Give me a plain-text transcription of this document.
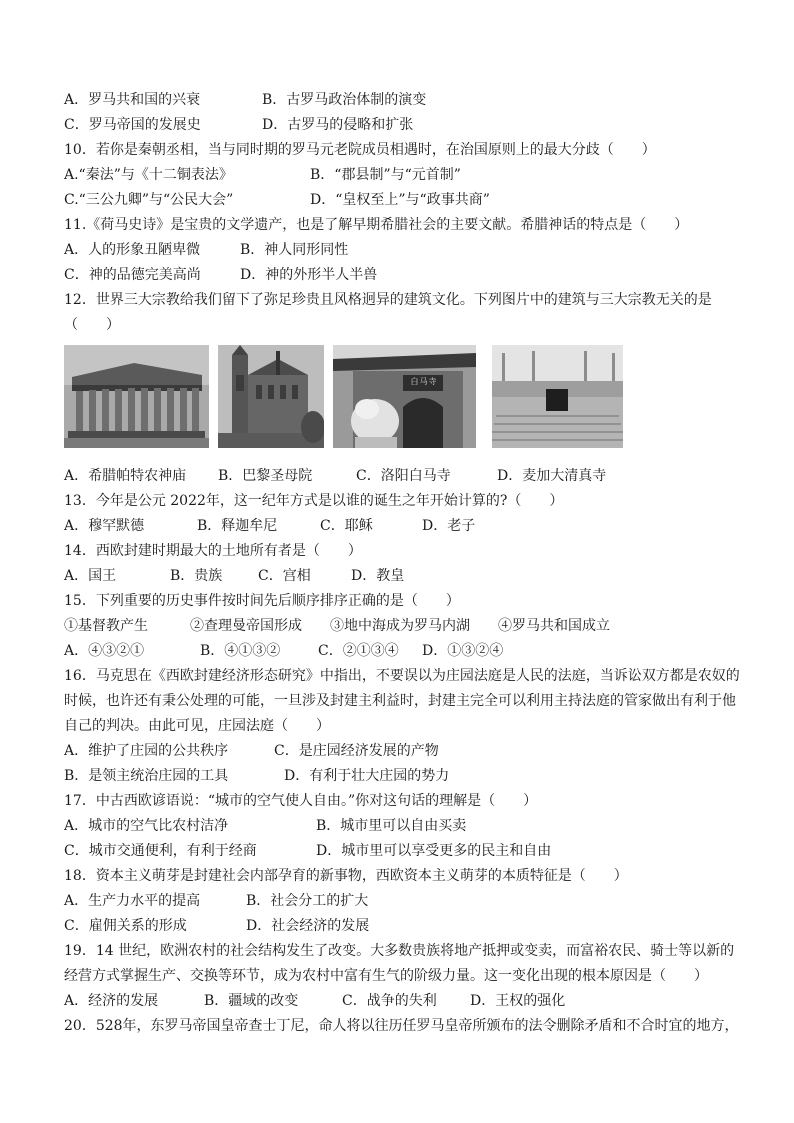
A．罗马共和国的兴衰	B．古罗马政治体制的演变
C．罗马帝国的发展史	D．古罗马的侵略和扩张
10．若你是秦朝丞相，当与同时期的罗马元老院成员相遇时，在治国原则上的最大分歧（　　）
A.“秦法”与《十二铜表法》	B．“郡县制”与“元首制”
C.“三公九卿”与“公民大会”	D．“皇权至上”与“政事共商”
11.《荷马史诗》是宝贵的文学遗产，也是了解早期希腊社会的主要文献。希腊神话的特点是（　　）
A．人的形象丑陋卑微	B．神人同形同性
C．神的品德完美高尚	D．神的外形半人半兽
12．世界三大宗教给我们留下了弥足珍贵且风格迥异的建筑文化。下列图片中的建筑与三大宗教无关的是
（　　）
白马寺
A．希腊帕特农神庙 B．巴黎圣母院	C．洛阳白马寺	D．麦加大清真寺
13．今年是公元 2022年，这一纪年方式是以谁的诞生之年开始计算的?（　　）
A．穆罕默德	B．释迦牟尼	C．耶稣	D．老子
14．西欧封建时期最大的土地所有者是（　　）
A．国王	B．贵族	C．宫相	D．教皇
15．下列重要的历史事件按时间先后顺序排序正确的是（　　）
①基督教产生	②查理曼帝国形成 ③地中海成为罗马内湖 ④罗马共和国成立
A．④③②①	B．④①③②	C．②①③④ D．①③②④
16．马克思在《西欧封建经济形态研究》中指出，不要误以为庄园法庭是人民的法庭，当诉讼双方都是农奴的
时候，也许还有秉公处理的可能，一旦涉及封建主利益时，封建主完全可以利用主持法庭的管家做出有利于他
自己的判决。由此可见，庄园法庭（　　）
A．维护了庄园的公共秩序	C．是庄园经济发展的产物
B．是领主统治庄园的工具	D．有利于壮大庄园的势力
17．中古西欧谚语说：“城市的空气使人自由。”你对这句话的理解是（　　）
A．城市的空气比农村洁净	B．城市里可以自由买卖
C．城市交通便利，有利于经商	D．城市里可以享受更多的民主和自由
18．资本主义萌芽是封建社会内部孕育的新事物，西欧资本主义萌芽的本质特征是（　　）
A．生产力水平的提高	B．社会分工的扩大
C．雇佣关系的形成	D．社会经济的发展
19．14 世纪，欧洲农村的社会结构发生了改变。大多数贵族将地产抵押或变卖，而富裕农民、骑士等以新的
经营方式掌握生产、交换等环节，成为农村中富有生气的阶级力量。这一变化出现的根本原因是（　　）
A．经济的发展	B．疆域的改变	C．战争的失利 D．王权的强化
20．528年，东罗马帝国皇帝查士丁尼，命人将以往历任罗马皇帝所颁布的法令删除矛盾和不合时宜的地方，
